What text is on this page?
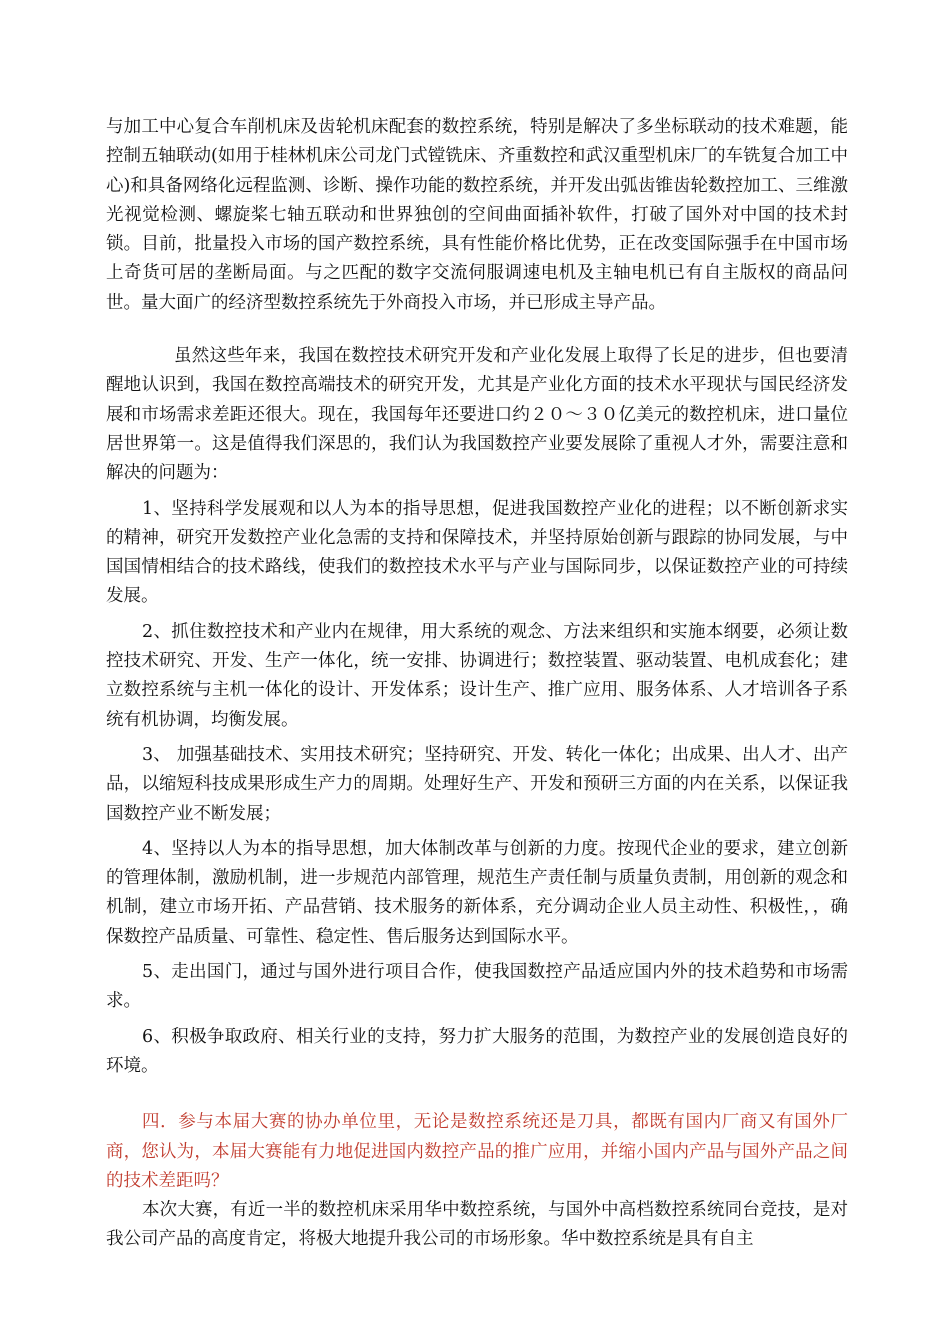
与加工中心复合车削机床及齿轮机床配套的数控系统，特别是解决了多坐标联动的技术难题，能控制五轴联动(如用于桂林机床公司龙门式镗铣床、齐重数控和武汉重型机床厂的车铣复合加工中心)和具备网络化远程监测、诊断、操作功能的数控系统，并开发出弧齿锥齿轮数控加工、三维激光视觉检测、螺旋桨七轴五联动和世界独创的空间曲面插补软件，打破了国外对中国的技术封锁。目前，批量投入市场的国产数控系统，具有性能价格比优势，正在改变国际强手在中国市场上奇货可居的垄断局面。与之匹配的数字交流伺服调速电机及主轴电机已有自主版权的商品问世。量大面广的经济型数控系统先于外商投入市场，并已形成主导产品。

虽然这些年来，我国在数控技术研究开发和产业化发展上取得了长足的进步，但也要清醒地认识到，我国在数控高端技术的研究开发，尤其是产业化方面的技术水平现状与国民经济发展和市场需求差距还很大。现在，我国每年还要进口约２０～３０亿美元的数控机床，进口量位居世界第一。这是值得我们深思的，我们认为我国数控产业要发展除了重视人才外，需要注意和解决的问题为：

1、坚持科学发展观和以人为本的指导思想，促进我国数控产业化的进程；以不断创新求实的精神，研究开发数控产业化急需的支持和保障技术，并坚持原始创新与跟踪的协同发展，与中国国情相结合的技术路线，使我们的数控技术水平与产业与国际同步，以保证数控产业的可持续发展。

2、抓住数控技术和产业内在规律，用大系统的观念、方法来组织和实施本纲要，必须让数控技术研究、开发、生产一体化，统一安排、协调进行；数控装置、驱动装置、电机成套化；建立数控系统与主机一体化的设计、开发体系；设计生产、推广应用、服务体系、人才培训各子系统有机协调，均衡发展。

3、 加强基础技术、实用技术研究；坚持研究、开发、转化一体化；出成果、出人才、出产品，以缩短科技成果形成生产力的周期。处理好生产、开发和预研三方面的内在关系，以保证我国数控产业不断发展；

4、坚持以人为本的指导思想，加大体制改革与创新的力度。按现代企业的要求，建立创新的管理体制，激励机制，进一步规范内部管理，规范生产责任制与质量负责制，用创新的观念和机制，建立市场开拓、产品营销、技术服务的新体系，充分调动企业人员主动性、积极性，，确保数控产品质量、可靠性、稳定性、售后服务达到国际水平。

5、走出国门，通过与国外进行项目合作，使我国数控产品适应国内外的技术趋势和市场需求。

6、积极争取政府、相关行业的支持，努力扩大服务的范围，为数控产业的发展创造良好的环境。

四．参与本届大赛的协办单位里，无论是数控系统还是刀具，都既有国内厂商又有国外厂商，您认为，本届大赛能有力地促进国内数控产品的推广应用，并缩小国内产品与国外产品之间的技术差距吗？

本次大赛，有近一半的数控机床采用华中数控系统，与国外中高档数控系统同台竞技，是对我公司产品的高度肯定，将极大地提升我公司的市场形象。华中数控系统是具有自主
